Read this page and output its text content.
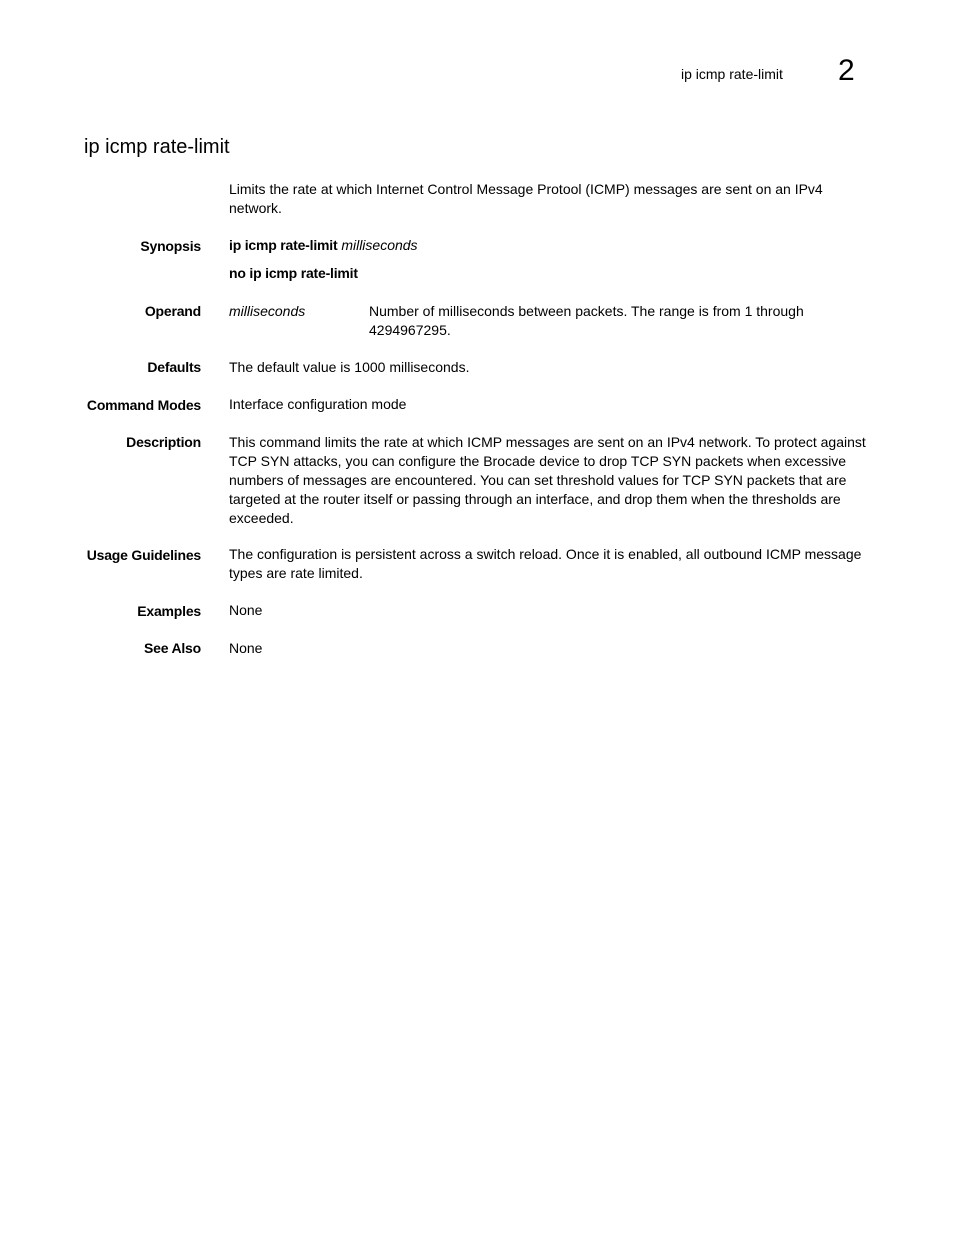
ip icmp rate-limit 2
ip icmp rate-limit
Limits the rate at which Internet Control Message Protool (ICMP) messages are sent on an IPv4 network.
Synopsis ip icmp rate-limit milliseconds
no ip icmp rate-limit
Operand milliseconds	Number of milliseconds between packets. The range is from 1 through 4294967295.
Defaults The default value is 1000 milliseconds.
Command Modes Interface configuration mode
Description This command limits the rate at which ICMP messages are sent on an IPv4 network. To protect against TCP SYN attacks, you can configure the Brocade device to drop TCP SYN packets when excessive numbers of messages are encountered. You can set threshold values for TCP SYN packets that are targeted at the router itself or passing through an interface, and drop them when the thresholds are exceeded.
Usage Guidelines The configuration is persistent across a switch reload. Once it is enabled, all outbound ICMP message types are rate limited.
Examples None
See Also None
